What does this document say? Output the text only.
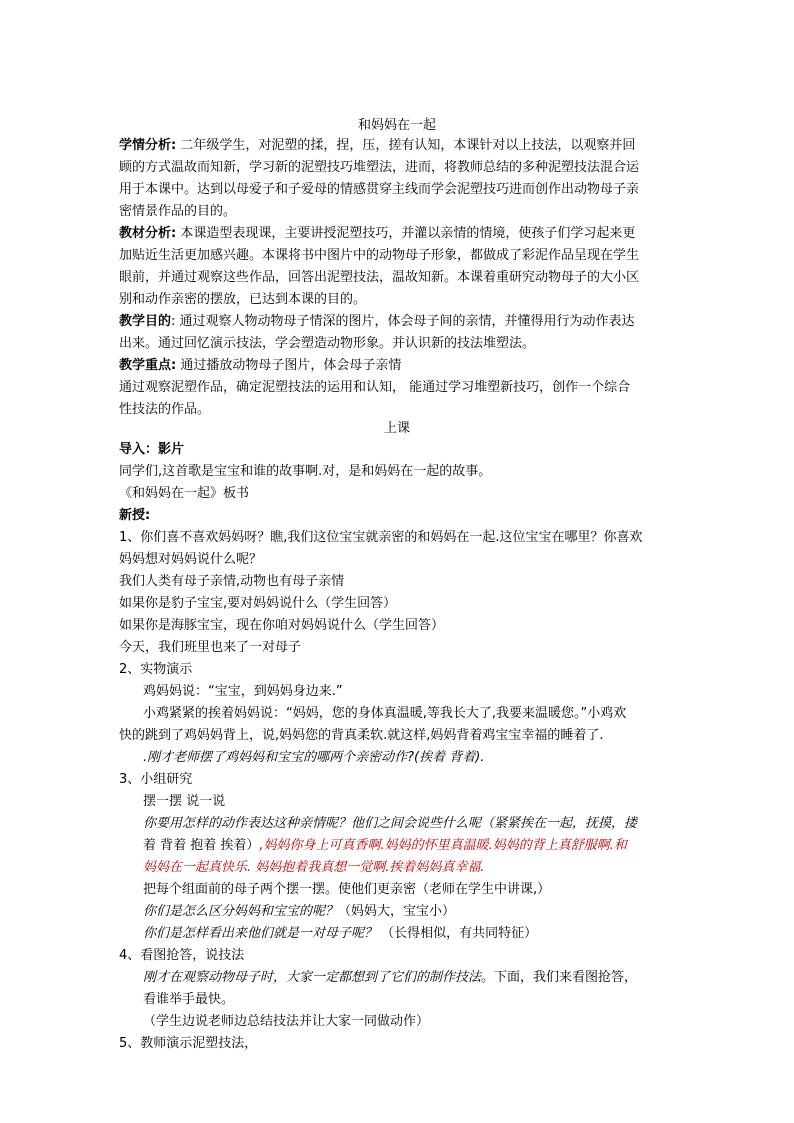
和妈妈在一起
学情分析: 二年级学生，对泥塑的揉，捏，压，搓有认知，本课针对以上技法，以观察并回
顾的方式温故而知新，学习新的泥塑技巧堆塑法，进而，将教师总结的多种泥塑技法混合运
用于本课中。达到以母爱子和子爱母的情感贯穿主线而学会泥塑技巧进而创作出动物母子亲
密情景作品的目的。
教材分析: 本课造型表现课，主要讲授泥塑技巧，并灌以亲情的情境，使孩子们学习起来更
加贴近生活更加感兴趣。本课将书中图片中的动物母子形象，都做成了彩泥作品呈现在学生
眼前，并通过观察这些作品，回答出泥塑技法，温故知新。本课着重研究动物母子的大小区
别和动作亲密的摆放，已达到本课的目的。
教学目的: 通过观察人物动物母子情深的图片，体会母子间的亲情，并懂得用行为动作表达
出来。通过回忆演示技法，学会塑造动物形象。并认识新的技法堆塑法。
教学重点: 通过播放动物母子图片，体会母子亲情
通过观察泥塑作品，确定泥塑技法的运用和认知， 能通过学习堆塑新技巧，创作一个综合
性技法的作品。
上课
导入：影片
同学们,这首歌是宝宝和谁的故事啊.对，是和妈妈在一起的故事。
《和妈妈在一起》板书
新授:
1、你们喜不喜欢妈妈呀？瞧,我们这位宝宝就亲密的和妈妈在一起.这位宝宝在哪里？你喜欢
妈妈想对妈妈说什么呢？
我们人类有母子亲情,动物也有母子亲情
如果你是豹子宝宝,要对妈妈说什么（学生回答）
如果你是海豚宝宝，现在你咱对妈妈说什么（学生回答）
今天，我们班里也来了一对母子
2、实物演示
鸡妈妈说：“宝宝，到妈妈身边来.”
小鸡紧紧的挨着妈妈说：“妈妈，您的身体真温暖,等我长大了,我要来温暖您。”小鸡欢
快的跳到了鸡妈妈背上，说,妈妈您的背真柔软.就这样,妈妈背着鸡宝宝幸福的睡着了.
.刚才老师摆了鸡妈妈和宝宝的哪两个亲密动作?(挨着 背着).
3、小组研究
摆一摆 说一说
你要用怎样的动作表达这种亲情呢？他们之间会说些什么呢（紧紧挨在一起，抚摸，搂
着 背着 抱着 挨着）,妈妈你身上可真香啊.妈妈的怀里真温暖.妈妈的背上真舒服啊.和
妈妈在一起真快乐. 妈妈抱着我真想一觉啊.挨着妈妈真幸福.
把每个组面前的母子两个摆一摆。使他们更亲密（老师在学生中讲课,）
你们是怎么区分妈妈和宝宝的呢？（妈妈大，宝宝小）
你们是怎样看出来他们就是一对母子呢？ （长得相似，有共同特征）
4、看图抢答，说技法
刚才在观察动物母子时，大家一定都想到了它们的制作技法。下面，我们来看图抢答，
看谁举手最快。
（学生边说老师边总结技法并让大家一同做动作）
5、教师演示泥塑技法，
